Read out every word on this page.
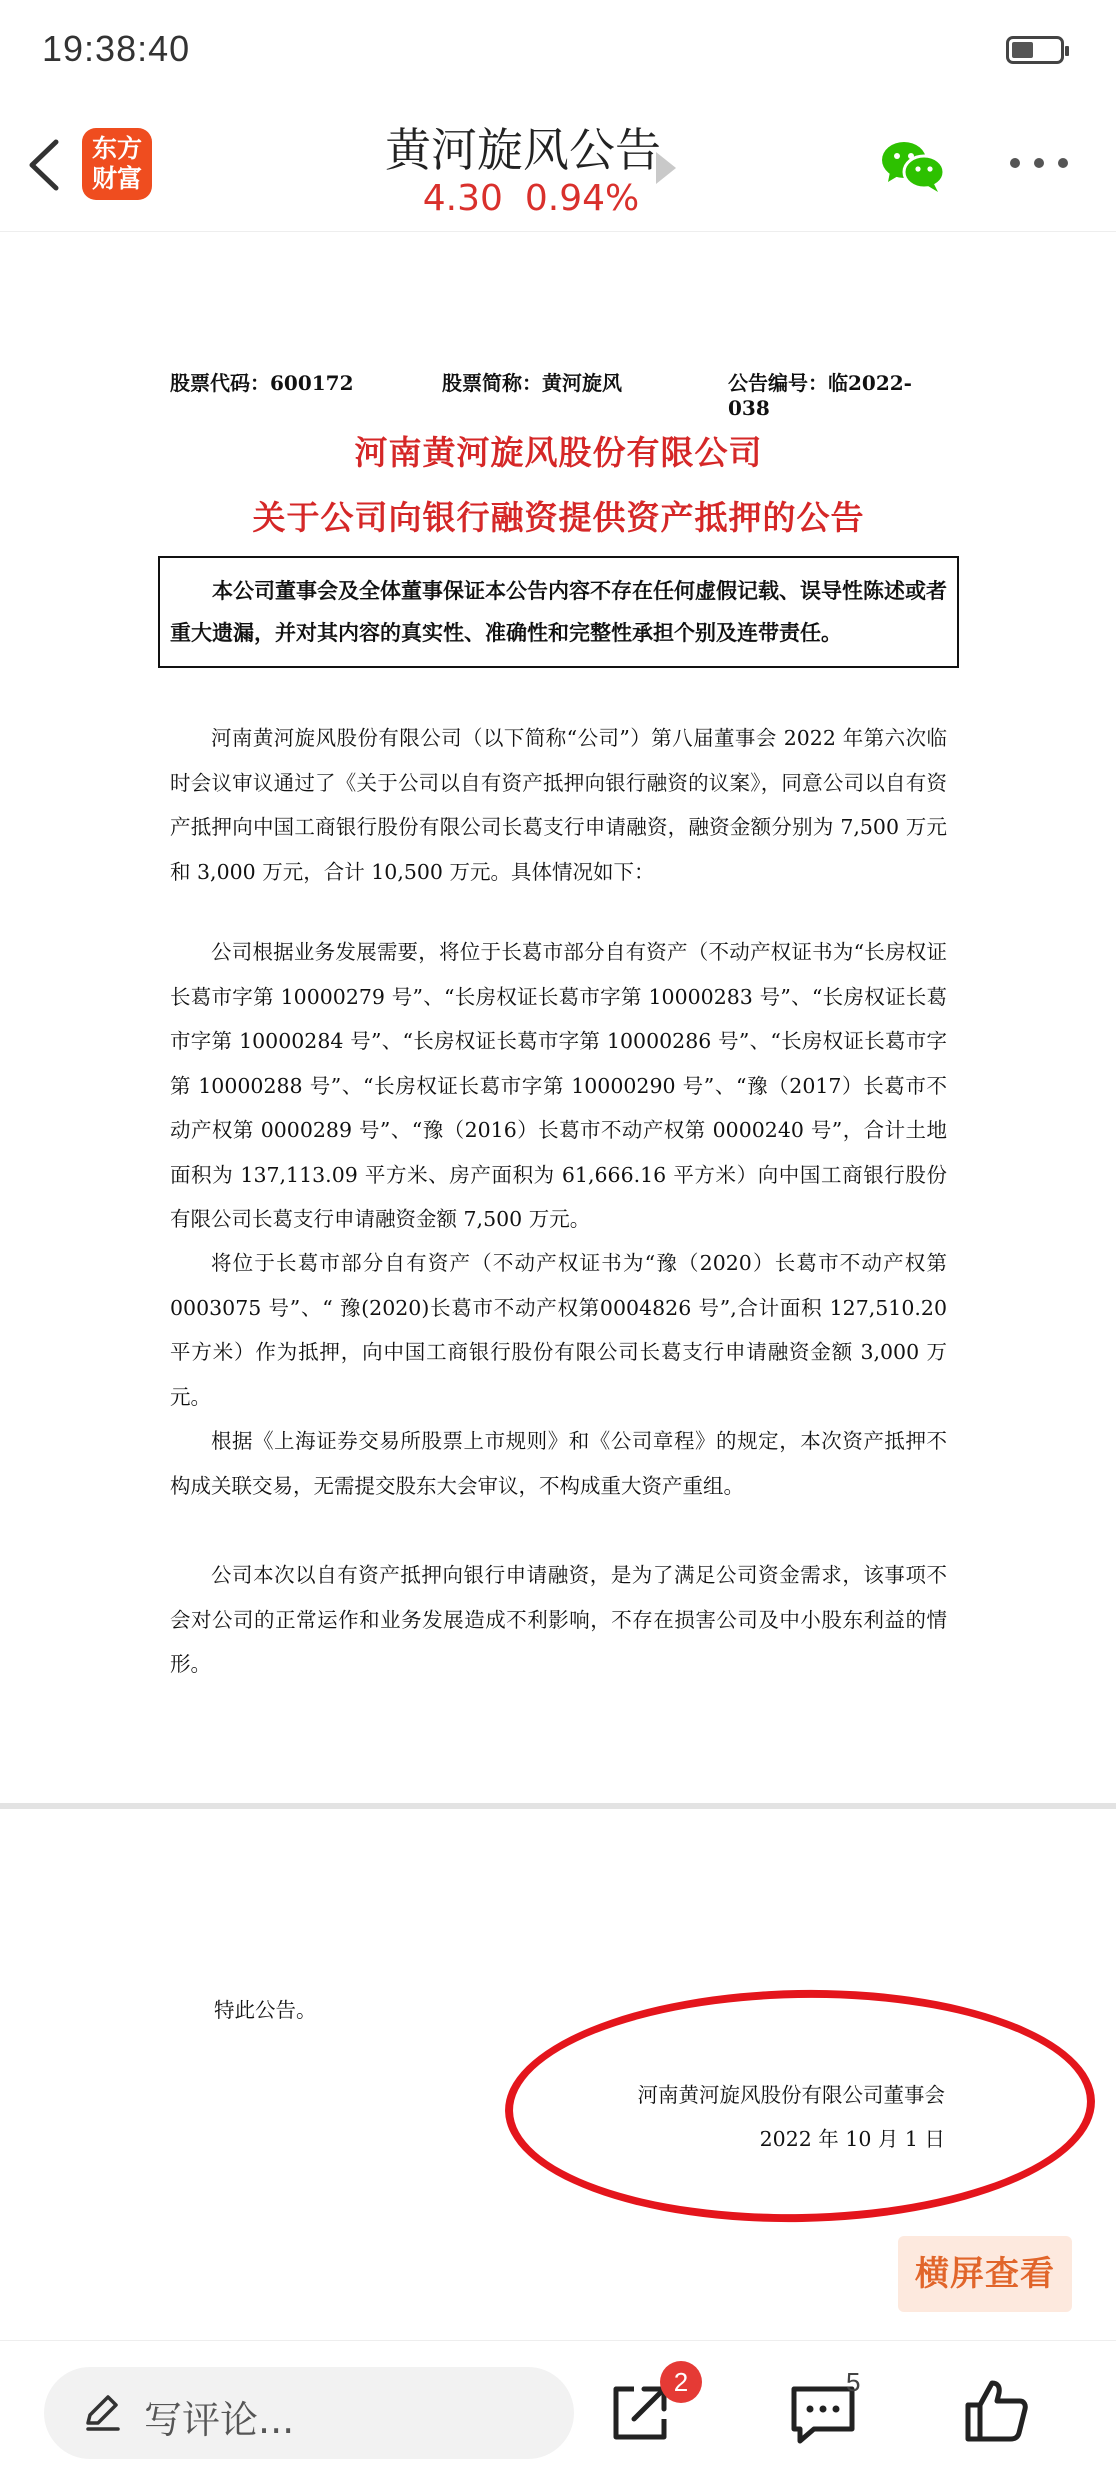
19:38:40
东方
财富
黄河旋风公告
4.30 0.94%
股票代码：600172	股票简称：黄河旋风	公告编号：临2022-038
河南黄河旋风股份有限公司
关于公司向银行融资提供资产抵押的公告

本公司董事会及全体董事保证本公告内容不存在任何虚假记载、误导性陈述或者重大遗漏，并对其内容的真实性、准确性和完整性承担个别及连带责任。

河南黄河旋风股份有限公司（以下简称“公司”）第八届董事会 2022 年第六次临时会议审议通过了《关于公司以自有资产抵押向银行融资的议案》，同意公司以自有资产抵押向中国工商银行股份有限公司长葛支行申请融资，融资金额分别为 7,500 万元和 3,000 万元，合计 10,500 万元。具体情况如下：
公司根据业务发展需要，将位于长葛市部分自有资产（不动产权证书为“长房权证长葛市字第 10000279 号”、“长房权证长葛市字第 10000283 号”、“长房权证长葛市字第 10000284 号”、“长房权证长葛市字第 10000286 号”、“长房权证长葛市字第 10000288 号”、“长房权证长葛市字第 10000290 号”、“豫（2017）长葛市不动产权第 0000289 号”、“豫（2016）长葛市不动产权第 0000240 号”，合计土地面积为 137,113.09 平方米、房产面积为 61,666.16 平方米）向中国工商银行股份有限公司长葛支行申请融资金额 7,500 万元。
将位于长葛市部分自有资产（不动产权证书为“豫（2020）长葛市不动产权第0003075 号”、“ 豫(2020)长葛市不动产权第0004826 号”,合计面积 127,510.20 平方米）作为抵押，向中国工商银行股份有限公司长葛支行申请融资金额 3,000 万元。
根据《上海证券交易所股票上市规则》和《公司章程》的规定，本次资产抵押不构成关联交易，无需提交股东大会审议，不构成重大资产重组。
公司本次以自有资产抵押向银行申请融资，是为了满足公司资金需求，该事项不会对公司的正常运作和业务发展造成不利影响，不存在损害公司及中小股东利益的情形。
特此公告。
河南黄河旋风股份有限公司董事会
2022 年 10 月 1 日
横屏查看
写评论...
2	5
